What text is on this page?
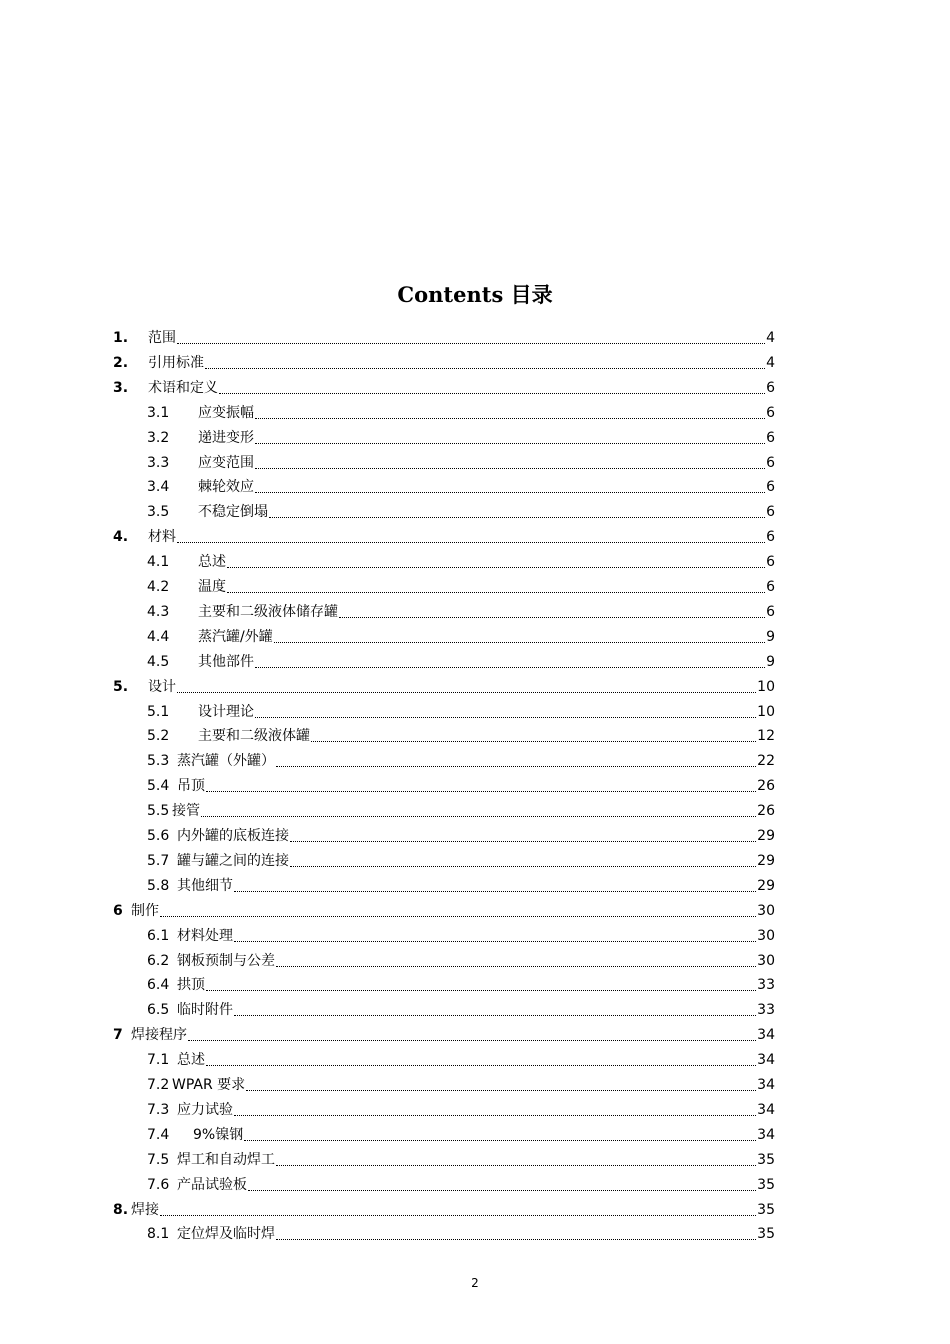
Contents 目录
1.	范围	4
2.	引用标准	4
3.	术语和定义	6
3.1	应变振幅	6
3.2	递进变形	6
3.3	应变范围	6
3.4	棘轮效应	6
3.5	不稳定倒塌	6
4.	材料	6
4.1	总述	6
4.2	温度	6
4.3	主要和二级液体储存罐	6
4.4	蒸汽罐/外罐	9
4.5	其他部件	9
5.	设计	10
5.1	设计理论	10
5.2	主要和二级液体罐	12
5.3 蒸汽罐（外罐）	22
5.4 吊顶	26
5.5 接管	26
5.6 内外罐的底板连接	29
5.7 罐与罐之间的连接	29
5.8 其他细节	29
6 制作	30
6.1 材料处理	30
6.2 钢板预制与公差	30
6.4 拱顶	33
6.5 临时附件	33
7 焊接程序	34
7.1 总述	34
7.2 WPAR 要求	34
7.3 应力试验	34
7.4	9%镍钢	34
7.5 焊工和自动焊工	35
7.6 产品试验板	35
8. 焊接	35
8.1 定位焊及临时焊	35
2
